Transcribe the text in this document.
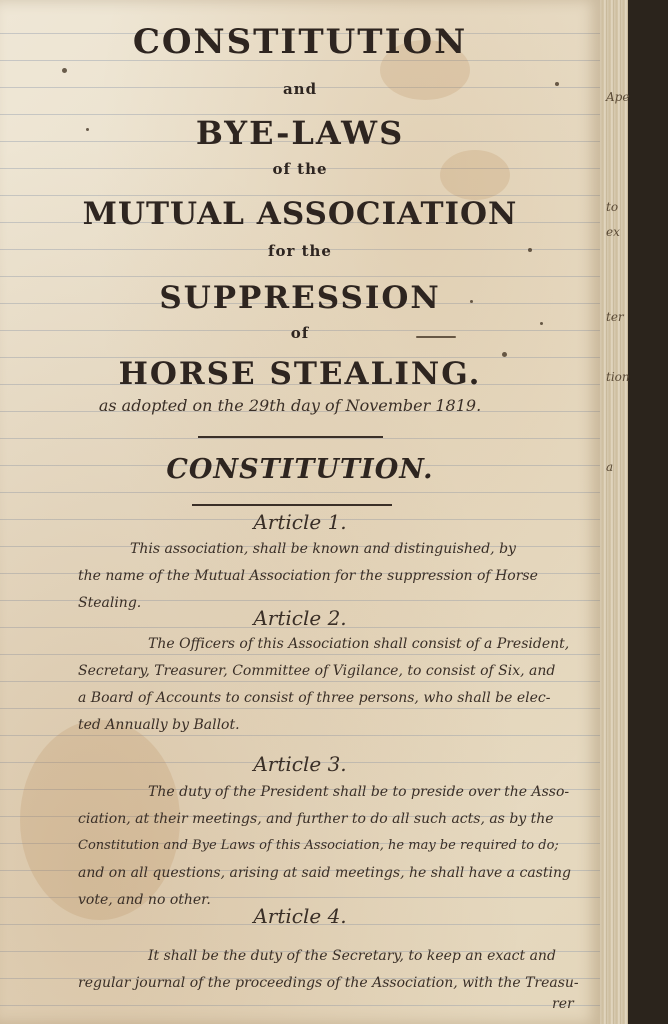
CONSTITUTION

and

BYE-LAWS

of the

MUTUAL ASSOCIATION

for the

SUPPRESSION

of

HORSE STEALING.

as adopted on the 29th day of November 1819.

CONSTITUTION.

Article 1.

This association, shall be known and distinguished, by
the name of the Mutual Association for the suppression of Horse
Stealing.

Article 2.

The Officers of this Association shall consist of a President,
Secretary, Treasurer, Committee of Vigilance, to consist of Six, and
a Board of Accounts to consist of three persons, who shall be elec-
ted Annually by Ballot.

Article 3.

The duty of the President shall be to preside over the Asso-
ciation, at their meetings, and further to do all such acts, as by the
Constitution and Bye Laws of this Association, he may be required to do;
and on all questions, arising at said meetings, he shall have a casting
vote, and no other.

Article 4.

It shall be the duty of the Secretary, to keep an exact and
regular journal of the proceedings of the Association, with the Treasu-
rer
Ape
to
ex
ter
tion
a
